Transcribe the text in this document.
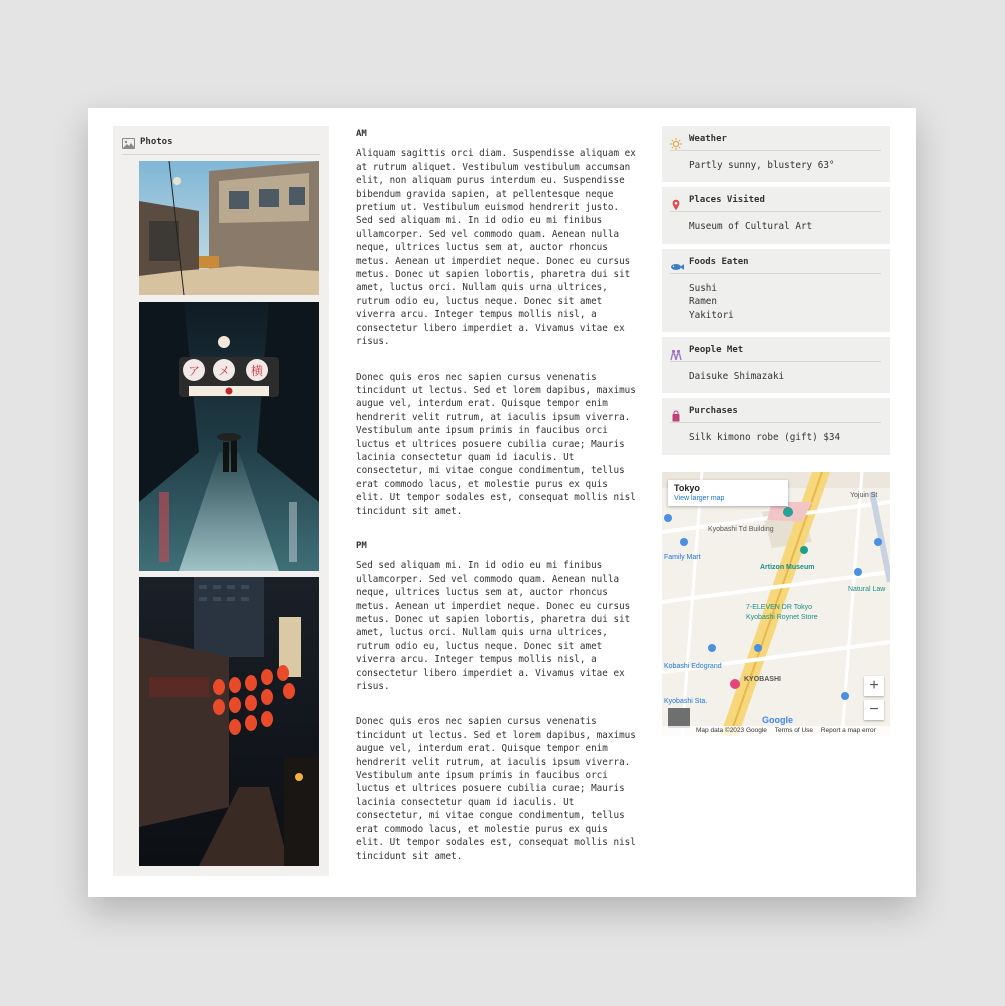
Photos
ア メ 横
AM

Aliquam sagittis orci diam. Suspendisse aliquam ex at rutrum aliquet. Vestibulum vestibulum accumsan elit, non aliquam purus interdum eu. Suspendisse bibendum gravida sapien, at pellentesque neque pretium ut. Vestibulum euismod hendrerit justo. Sed sed aliquam mi. In id odio eu mi finibus ullamcorper. Sed vel commodo quam. Aenean nulla neque, ultrices luctus sem at, auctor rhoncus metus. Aenean ut imperdiet neque. Donec eu cursus metus. Donec ut sapien lobortis, pharetra dui sit amet, luctus orci. Nullam quis urna ultrices, rutrum odio eu, luctus neque. Donec sit amet viverra arcu. Integer tempus mollis nisl, a consectetur libero imperdiet a. Vivamus vitae ex risus.

Donec quis eros nec sapien cursus venenatis tincidunt ut lectus. Sed et lorem dapibus, maximus augue vel, interdum erat. Quisque tempor enim hendrerit velit rutrum, at iaculis ipsum viverra. Vestibulum ante ipsum primis in faucibus orci luctus et ultrices posuere cubilia curae; Mauris lacinia consectetur quam id iaculis. Ut consectetur, mi vitae congue condimentum, tellus erat commodo lacus, et molestie purus ex quis elit. Ut tempor sodales est, consequat mollis nisl tincidunt sit amet.

PM

Sed sed aliquam mi. In id odio eu mi finibus ullamcorper. Sed vel commodo quam. Aenean nulla neque, ultrices luctus sem at, auctor rhoncus metus. Aenean ut imperdiet neque. Donec eu cursus metus. Donec ut sapien lobortis, pharetra dui sit amet, luctus orci. Nullam quis urna ultrices, rutrum odio eu, luctus neque. Donec sit amet viverra arcu. Integer tempus mollis nisl, a consectetur libero imperdiet a. Vivamus vitae ex risus.

Donec quis eros nec sapien cursus venenatis tincidunt ut lectus. Sed et lorem dapibus, maximus augue vel, interdum erat. Quisque tempor enim hendrerit velit rutrum, at iaculis ipsum viverra. Vestibulum ante ipsum primis in faucibus orci luctus et ultrices posuere cubilia curae; Mauris lacinia consectetur quam id iaculis. Ut consectetur, mi vitae congue condimentum, tellus erat commodo lacus, et molestie purus ex quis elit. Ut tempor sodales est, consequat mollis nisl tincidunt sit amet.

Weather
Partly sunny, blustery 63°
Places Visited
Museum of Cultural Art
Foods Eaten
Sushi
Ramen
Yakitori
People Met
Daisuke Shimazaki
Purchases
Silk kimono robe (gift) $34
Kyobashi Td Building
Artizon Museum
Family Mart
7-ELEVEN DR Tokyo
Kyobashi Roynet Store
Kobashi Edogrand
KYOBASHI
Yojuin St
Natural Law
Kyobashi Sta.
Tokyo
View larger map
+
−
Google
Map data ©2023 Google Terms of Use Report a map error
